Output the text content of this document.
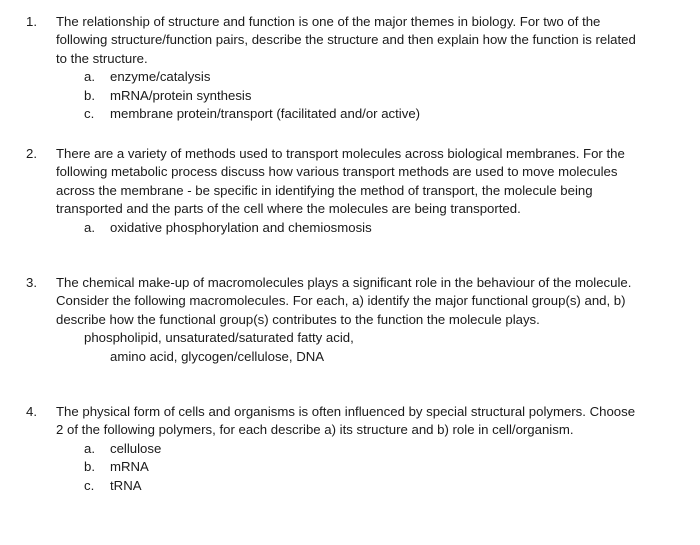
1. The relationship of structure and function is one of the major themes in biology. For two of the following structure/function pairs, describe the structure and then explain how the function is related to the structure.
a. enzyme/catalysis
b. mRNA/protein synthesis
c. membrane protein/transport (facilitated and/or active)
2. There are a variety of methods used to transport molecules across biological membranes. For the following metabolic process discuss how various transport methods are used to move molecules across the membrane - be specific in identifying the method of transport, the molecule being transported and the parts of the cell where the molecules are being transported.
a. oxidative phosphorylation and chemiosmosis
3. The chemical make-up of macromolecules plays a significant role in the behaviour of the molecule. Consider the following macromolecules. For each, a) identify the major functional group(s) and, b) describe how the functional group(s) contributes to the function the molecule plays.
phospholipid, unsaturated/saturated fatty acid,
amino acid, glycogen/cellulose, DNA
4. The physical form of cells and organisms is often influenced by special structural polymers. Choose 2 of the following polymers, for each describe a) its structure and b) role in cell/organism.
a. cellulose
b. mRNA
c. tRNA
